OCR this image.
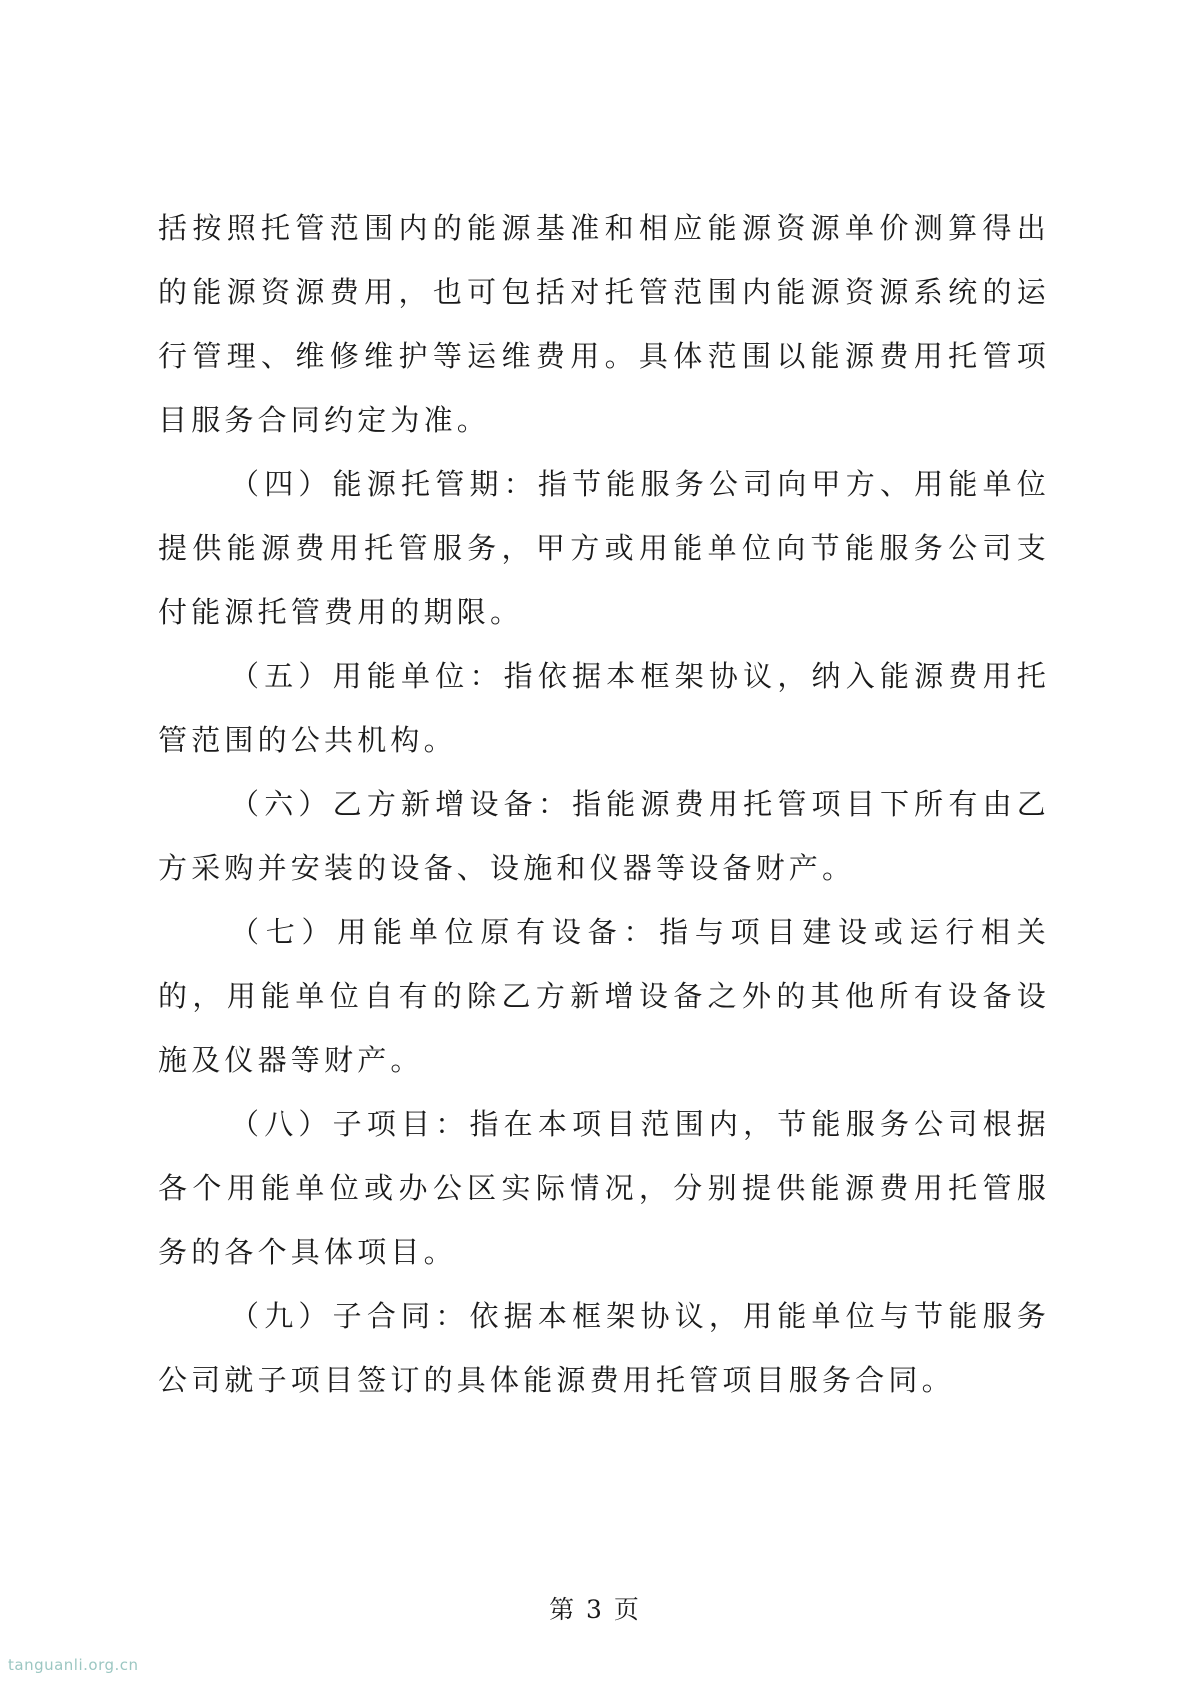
括按照托管范围内的能源基准和相应能源资源单价测算得出的能源资源费用，也可包括对托管范围内能源资源系统的运行管理、维修维护等运维费用。具体范围以能源费用托管项目服务合同约定为准。

（四）能源托管期：指节能服务公司向甲方、用能单位提供能源费用托管服务，甲方或用能单位向节能服务公司支付能源托管费用的期限。

（五）用能单位：指依据本框架协议，纳入能源费用托管范围的公共机构。

（六）乙方新增设备：指能源费用托管项目下所有由乙方采购并安装的设备、设施和仪器等设备财产。

（七）用能单位原有设备：指与项目建设或运行相关的，用能单位自有的除乙方新增设备之外的其他所有设备设施及仪器等财产。

（八）子项目：指在本项目范围内，节能服务公司根据各个用能单位或办公区实际情况，分别提供能源费用托管服务的各个具体项目。

（九）子合同：依据本框架协议，用能单位与节能服务公司就子项目签订的具体能源费用托管项目服务合同。

第 3 页
tanguanli.org.cn
